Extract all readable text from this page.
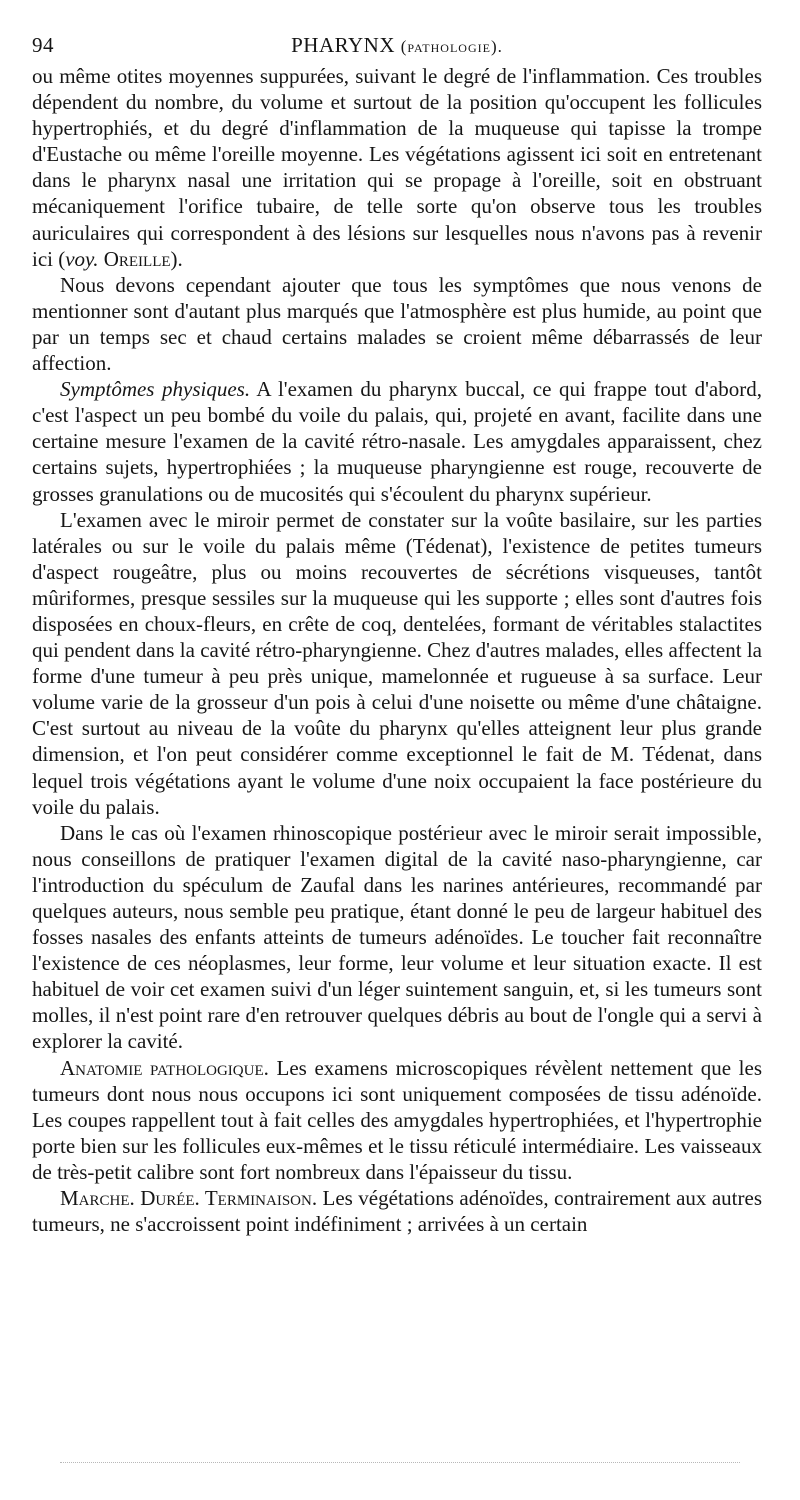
94	PHARYNX (pathologie).

ou même otites moyennes suppurées, suivant le degré de l'inflammation. Ces troubles dépendent du nombre, du volume et surtout de la position qu'occupent les follicules hypertrophiés, et du degré d'inflammation de la muqueuse qui tapisse la trompe d'Eustache ou même l'oreille moyenne. Les végétations agissent ici soit en entretenant dans le pharynx nasal une irritation qui se propage à l'oreille, soit en obstruant mécaniquement l'orifice tubaire, de telle sorte qu'on observe tous les troubles auriculaires qui correspondent à des lésions sur lesquelles nous n'avons pas à revenir ici (voy. Oreille).

Nous devons cependant ajouter que tous les symptômes que nous venons de mentionner sont d'autant plus marqués que l'atmosphère est plus humide, au point que par un temps sec et chaud certains malades se croient même débarrassés de leur affection.

Symptômes physiques. A l'examen du pharynx buccal, ce qui frappe tout d'abord, c'est l'aspect un peu bombé du voile du palais, qui, projeté en avant, facilite dans une certaine mesure l'examen de la cavité rétro-nasale. Les amygdales apparaissent, chez certains sujets, hypertrophiées ; la muqueuse pharyngienne est rouge, recouverte de grosses granulations ou de mucosités qui s'écoulent du pharynx supérieur.

L'examen avec le miroir permet de constater sur la voûte basilaire, sur les parties latérales ou sur le voile du palais même (Tédenat), l'existence de petites tumeurs d'aspect rougeâtre, plus ou moins recouvertes de sécrétions visqueuses, tantôt mûriformes, presque sessiles sur la muqueuse qui les supporte ; elles sont d'autres fois disposées en choux-fleurs, en crête de coq, dentelées, formant de véritables stalactites qui pendent dans la cavité rétro-pharyngienne. Chez d'autres malades, elles affectent la forme d'une tumeur à peu près unique, mamelonnée et rugueuse à sa surface. Leur volume varie de la grosseur d'un pois à celui d'une noisette ou même d'une châtaigne. C'est surtout au niveau de la voûte du pharynx qu'elles atteignent leur plus grande dimension, et l'on peut considérer comme exceptionnel le fait de M. Tédenat, dans lequel trois végétations ayant le volume d'une noix occupaient la face postérieure du voile du palais.

Dans le cas où l'examen rhinoscopique postérieur avec le miroir serait impossible, nous conseillons de pratiquer l'examen digital de la cavité naso-pharyngienne, car l'introduction du spéculum de Zaufal dans les narines antérieures, recommandé par quelques auteurs, nous semble peu pratique, étant donné le peu de largeur habituel des fosses nasales des enfants atteints de tumeurs adénoïdes. Le toucher fait reconnaître l'existence de ces néoplasmes, leur forme, leur volume et leur situation exacte. Il est habituel de voir cet examen suivi d'un léger suintement sanguin, et, si les tumeurs sont molles, il n'est point rare d'en retrouver quelques débris au bout de l'ongle qui a servi à explorer la cavité.

Anatomie pathologique. Les examens microscopiques révèlent nettement que les tumeurs dont nous nous occupons ici sont uniquement composées de tissu adénoïde. Les coupes rappellent tout à fait celles des amygdales hypertrophiées, et l'hypertrophie porte bien sur les follicules eux-mêmes et le tissu réticulé intermédiaire. Les vaisseaux de très-petit calibre sont fort nombreux dans l'épaisseur du tissu.

Marche. Durée. Terminaison. Les végétations adénoïdes, contrairement aux autres tumeurs, ne s'accroissent point indéfiniment ; arrivées à un certain
